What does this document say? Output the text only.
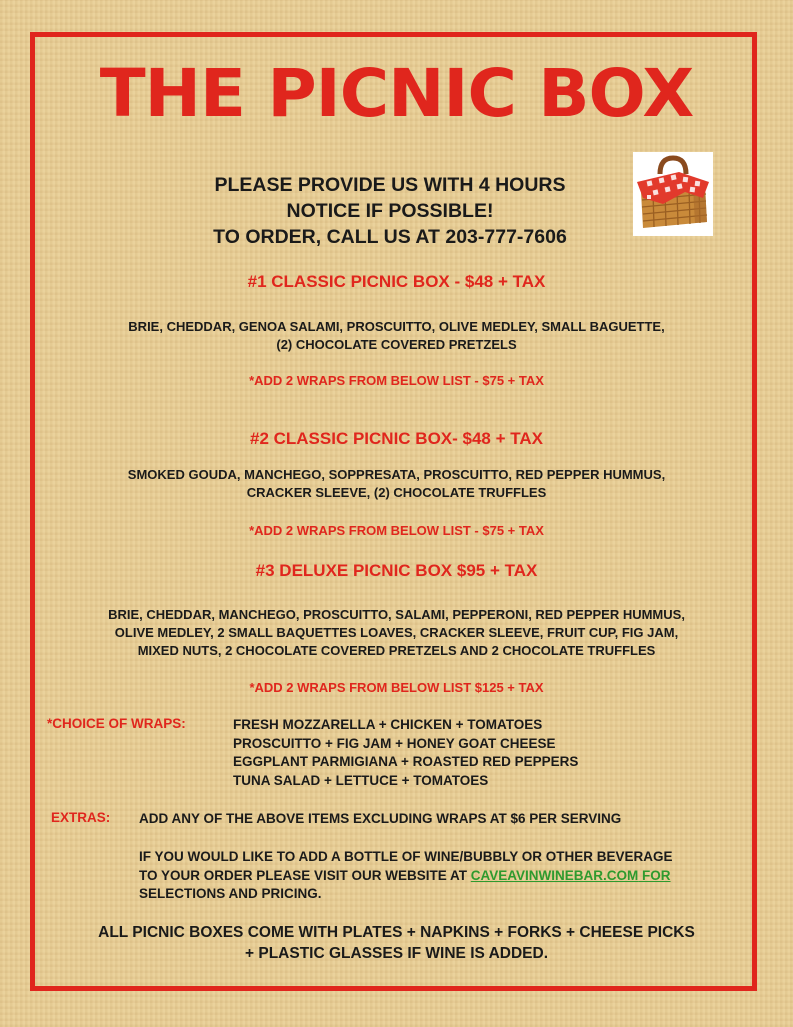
THE PICNIC BOX
PLEASE PROVIDE US WITH 4 HOURS
NOTICE IF POSSIBLE!
TO ORDER, CALL US AT 203-777-7606
#1 CLASSIC PICNIC BOX - $48 + TAX
BRIE, CHEDDAR, GENOA SALAMI, PROSCUITTO, OLIVE MEDLEY, SMALL BAGUETTE,
(2) CHOCOLATE COVERED PRETZELS
*ADD 2 WRAPS FROM BELOW LIST - $75 + TAX
#2 CLASSIC PICNIC BOX- $48 + TAX
SMOKED GOUDA, MANCHEGO, SOPPRESATA, PROSCUITTO, RED PEPPER HUMMUS,
CRACKER SLEEVE, (2) CHOCOLATE TRUFFLES
*ADD 2 WRAPS FROM BELOW LIST - $75 + TAX
#3 DELUXE PICNIC BOX $95 + TAX
BRIE, CHEDDAR, MANCHEGO, PROSCUITTO, SALAMI, PEPPERONI, RED PEPPER HUMMUS,
OLIVE MEDLEY, 2 SMALL BAQUETTES LOAVES, CRACKER SLEEVE, FRUIT CUP, FIG JAM,
MIXED NUTS, 2 CHOCOLATE COVERED PRETZELS AND 2 CHOCOLATE TRUFFLES
*ADD 2 WRAPS FROM BELOW LIST $125 + TAX
*CHOICE OF WRAPS:	FRESH MOZZARELLA + CHICKEN + TOMATOES
PROSCUITTO + FIG JAM + HONEY GOAT CHEESE
EGGPLANT PARMIGIANA + ROASTED RED PEPPERS
TUNA SALAD + LETTUCE + TOMATOES
EXTRAS: ADD ANY OF THE ABOVE ITEMS EXCLUDING WRAPS AT $6 PER SERVING
IF YOU WOULD LIKE TO ADD A BOTTLE OF WINE/BUBBLY OR OTHER BEVERAGE
TO YOUR ORDER PLEASE VISIT OUR WEBSITE AT CAVEAVINWINEBAR.COM FOR
SELECTIONS AND PRICING.
ALL PICNIC BOXES COME WITH PLATES + NAPKINS + FORKS + CHEESE PICKS
+ PLASTIC GLASSES IF WINE IS ADDED.
